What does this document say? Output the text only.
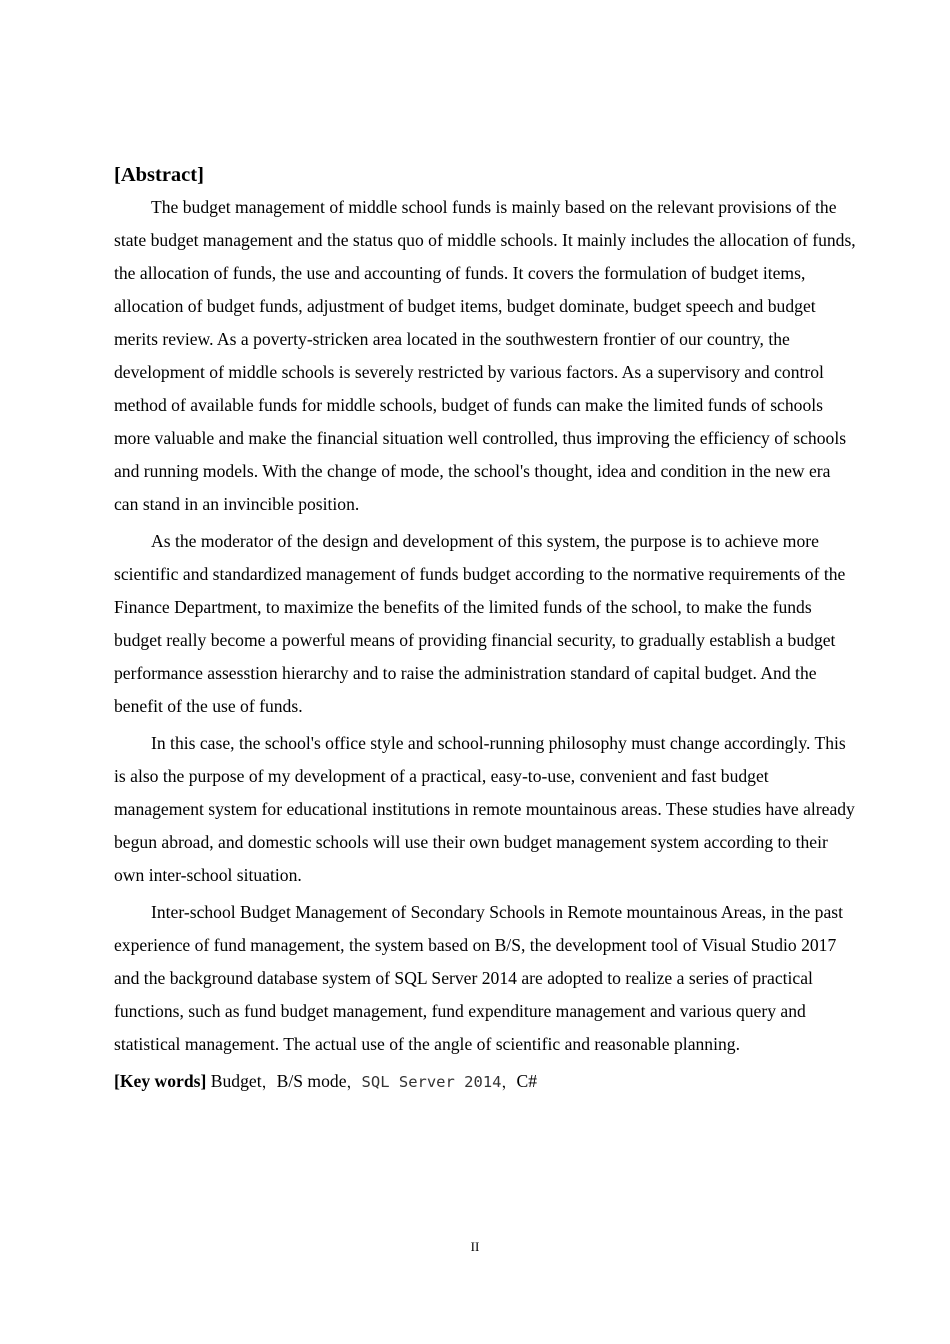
[Abstract]

The budget management of middle school funds is mainly based on the relevant provisions of the state budget management and the status quo of middle schools. It mainly includes the allocation of funds, the allocation of funds, the use and accounting of funds. It covers the formulation of budget items, allocation of budget funds, adjustment of budget items, budget dominate, budget speech and budget merits review. As a poverty-stricken area located in the southwestern frontier of our country, the development of middle schools is severely restricted by various factors. As a supervisory and control method of available funds for middle schools, budget of funds can make the limited funds of schools more valuable and make the financial situation well controlled, thus improving the efficiency of schools and running models. With the change of mode, the school's thought, idea and condition in the new era can stand in an invincible position.

As the moderator of the design and development of this system, the purpose is to achieve more scientific and standardized management of funds budget according to the normative requirements of the Finance Department, to maximize the benefits of the limited funds of the school, to make the funds budget really become a powerful means of providing financial security, to gradually establish a budget performance assesstion hierarchy and to raise the administration standard of capital budget. And the benefit of the use of funds.

In this case, the school's office style and school-running philosophy must change accordingly. This is also the purpose of my development of a practical, easy-to-use, convenient and fast budget management system for educational institutions in remote mountainous areas. These studies have already begun abroad, and domestic schools will use their own budget management system according to their own inter-school situation.

Inter-school Budget Management of Secondary Schools in Remote mountainous Areas, in the past experience of fund management, the system based on B/S, the development tool of Visual Studio 2017 and the background database system of SQL Server 2014 are adopted to realize a series of practical functions, such as fund budget management, fund expenditure management and various query and statistical management. The actual use of the angle of scientific and reasonable planning.

[Key words] Budget，B/S mode，SQL Server 2014，C#

II
